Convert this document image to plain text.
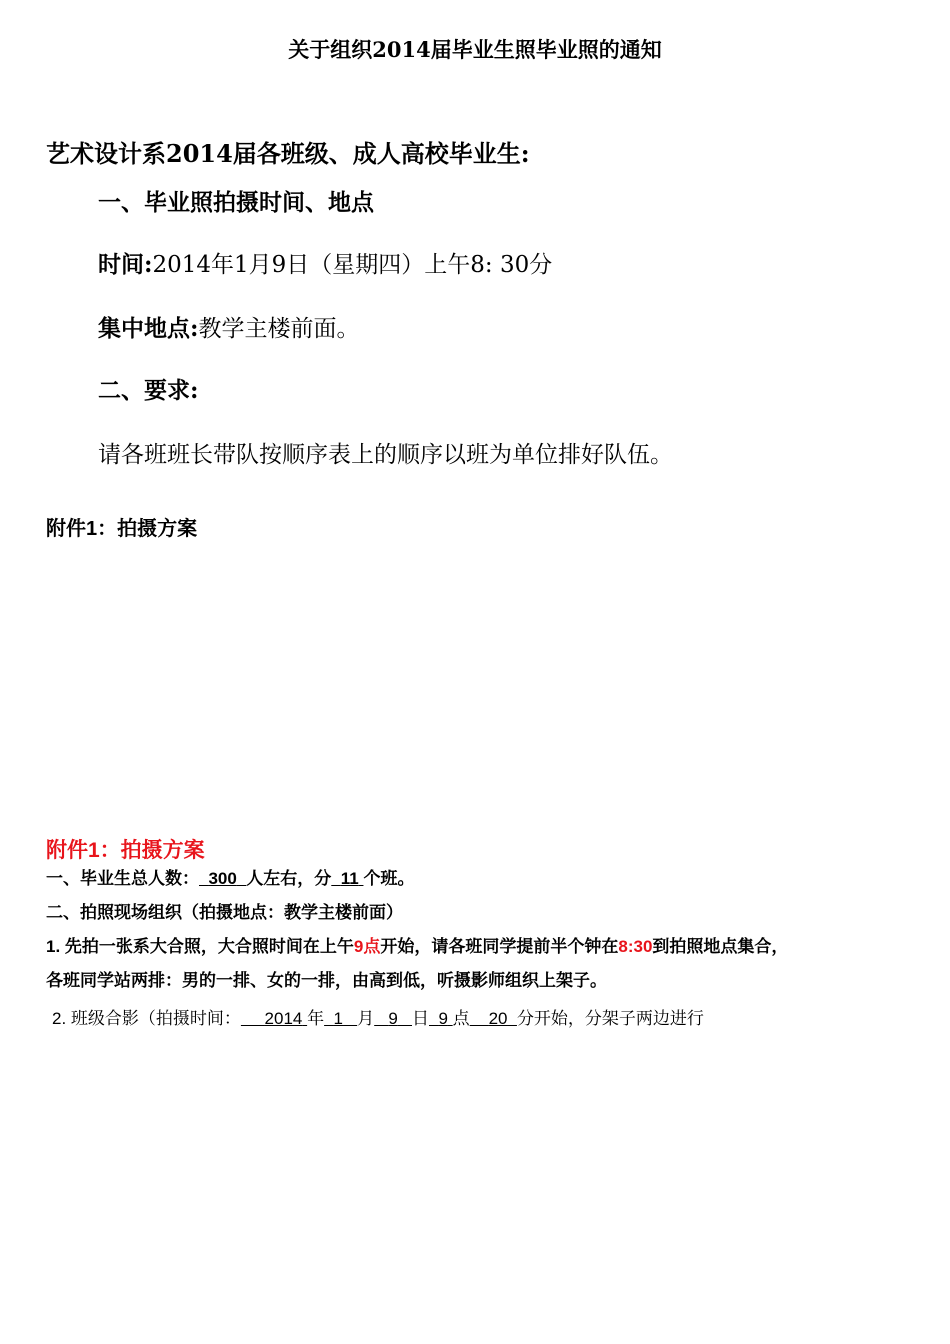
关于组织2014届毕业生照毕业照的通知
艺术设计系2014届各班级、成人高校毕业生:
一、毕业照拍摄时间、地点
时间:2014年1月9日（星期四）上午8: 30分
集中地点:教学主楼前面。
二、要求:
请各班班长带队按顺序表上的顺序以班为单位排好队伍。
附件1：拍摄方案
附件1：拍摄方案
一、毕业生总人数： 300 人左右，分 11 个班。
二、拍照现场组织（拍摄地点：教学主楼前面）
1. 先拍一张系大合照，大合照时间在上午9点开始，请各班同学提前半个钟在8:30到拍照地点集合，
各班同学站两排：男的一排、女的一排，由高到低，听摄影师组织上架子。
2. 班级合影（拍摄时间： 2014 年 1 月 9 日 9 点 20 分开始，分架子两边进行
